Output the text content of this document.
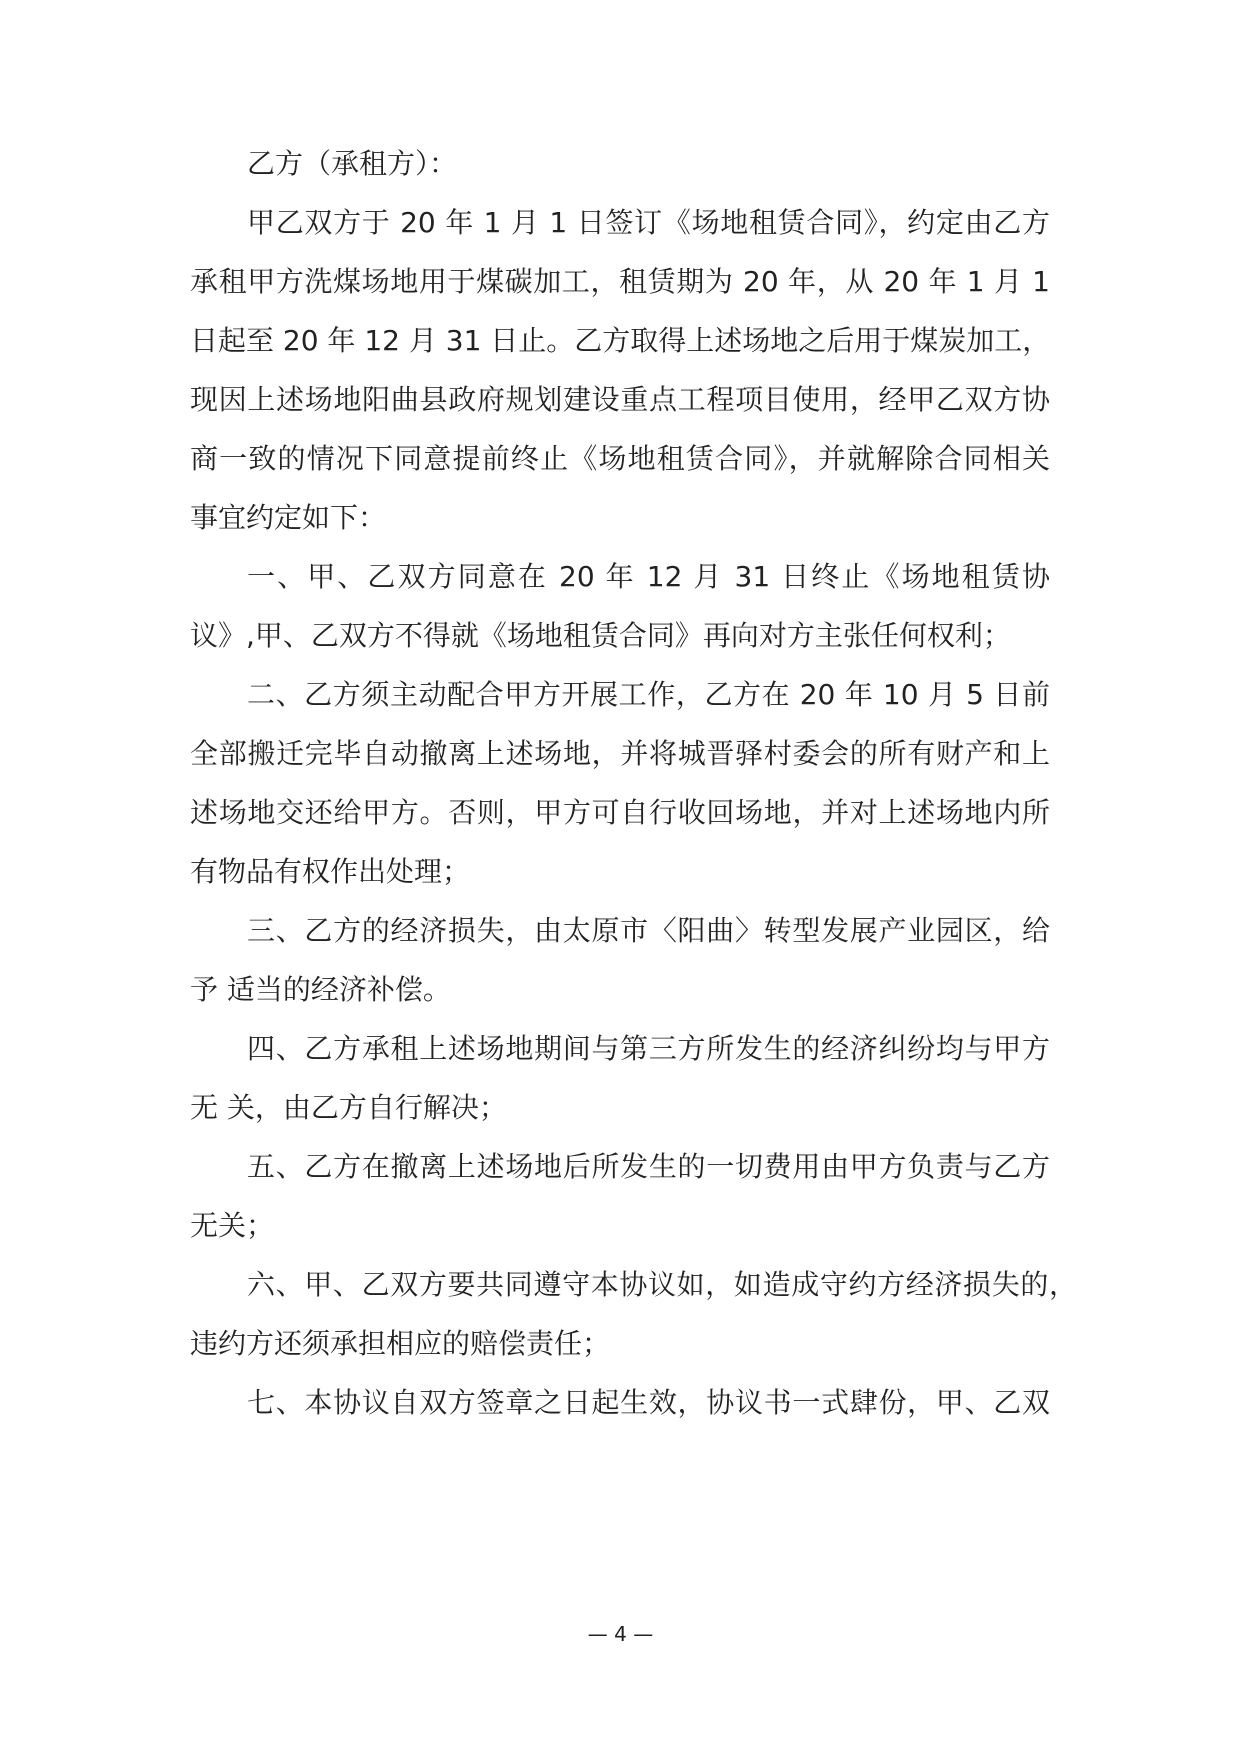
乙方（承租方）：
甲乙双方于 20 年 1 月 1 日签订《场地租赁合同》，约定由乙方
承租甲方洗煤场地用于煤碳加工，租赁期为 20 年，从 20 年 1 月 1
日起至 20 年 12 月 31 日止。乙方取得上述场地之后用于煤炭加工，
现因上述场地阳曲县政府规划建设重点工程项目使用，经甲乙双方协
商一致的情况下同意提前终止《场地租赁合同》，并就解除合同相关
事宜约定如下：
一、甲、乙双方同意在 20 年 12 月 31 日终止《场地租赁协
议》,甲、乙双方不得就《场地租赁合同》再向对方主张任何权利；
二、乙方须主动配合甲方开展工作，乙方在 20 年 10 月 5 日前
全部搬迁完毕自动撤离上述场地，并将城晋驿村委会的所有财产和上
述场地交还给甲方。否则，甲方可自行收回场地，并对上述场地内所
有物品有权作出处理；
三、乙方的经济损失，由太原市〈阳曲〉转型发展产业园区，给
予 适当的经济补偿。
四、乙方承租上述场地期间与第三方所发生的经济纠纷均与甲方
无 关，由乙方自行解决；
五、乙方在撤离上述场地后所发生的一切费用由甲方负责与乙方
无关；
六、甲、乙双方要共同遵守本协议如，如造成守约方经济损失的，
违约方还须承担相应的赔偿责任；
七、本协议自双方签章之日起生效，协议书一式肆份，甲、乙双
— 4 —
